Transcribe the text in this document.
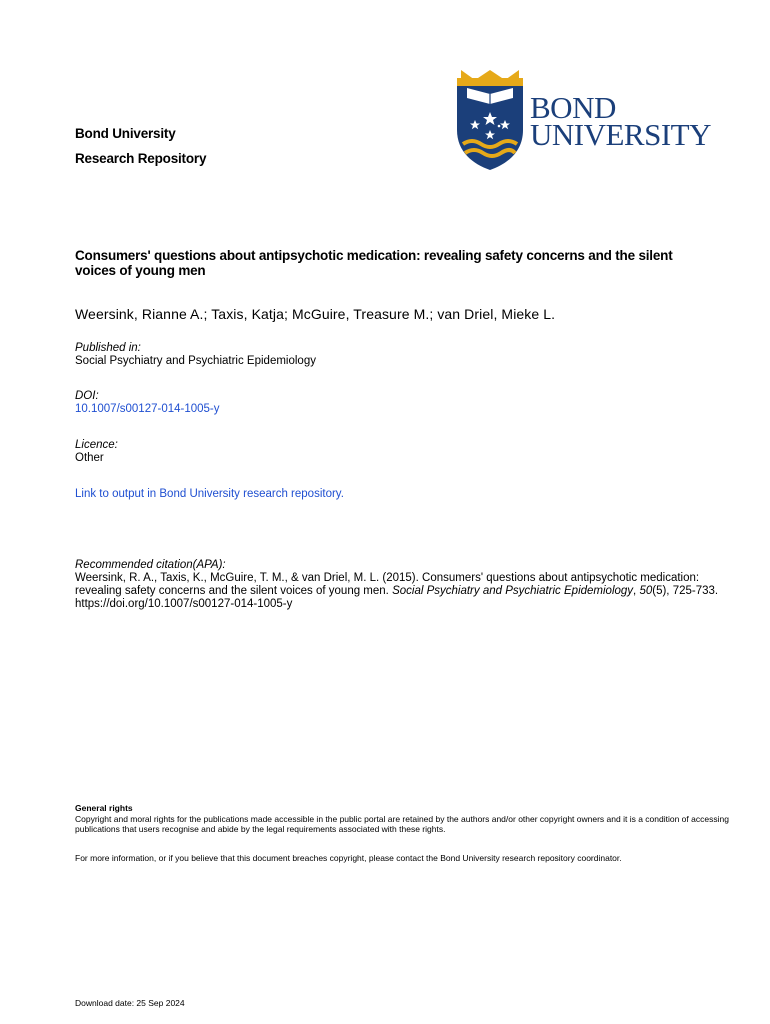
Bond University
Research Repository
BOND
UNIVERSITY
Consumers' questions about antipsychotic medication: revealing safety concerns and the silent voices of young men
Weersink, Rianne A.; Taxis, Katja; McGuire, Treasure M.; van Driel, Mieke L.
Published in:
Social Psychiatry and Psychiatric Epidemiology
DOI:
10.1007/s00127-014-1005-y
Licence:
Other
Link to output in Bond University research repository.
Recommended citation(APA):
Weersink, R. A., Taxis, K., McGuire, T. M., & van Driel, M. L. (2015). Consumers' questions about antipsychotic medication: revealing safety concerns and the silent voices of young men. Social Psychiatry and Psychiatric Epidemiology, 50(5), 725-733. https://doi.org/10.1007/s00127-014-1005-y
General rights
Copyright and moral rights for the publications made accessible in the public portal are retained by the authors and/or other copyright owners and it is a condition of accessing publications that users recognise and abide by the legal requirements associated with these rights.
For more information, or if you believe that this document breaches copyright, please contact the Bond University research repository coordinator.
Download date: 25 Sep 2024
